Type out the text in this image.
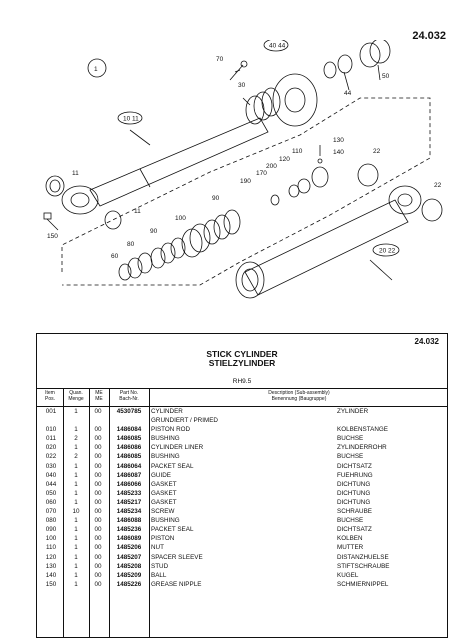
24.032
1
40 44
10 11
20 22
70
30
44
50
11
11
150
130
140
110
120
200
170
190
22
22
90
90
100
80
60
24.032
STICK CYLINDER
STIELZYLINDER
RH9.5
Item
Pos.
Quan.
Menge
ME
ME
Part No.
Bach-Nr.
Description (Sub-assembly)
Benennung (Baugruppe)
001	1	00	4530785	CYLINDER	ZYLINDER
GRUNDIERT / PRIMED
010	1	00	1486084	PISTON ROD	KOLBENSTANGE
011	2	00	1486085	BUSHING	BUCHSE
020	1	00	1486086	CYLINDER LINER	ZYLINDERROHR
022	2	00	1486085	BUSHING	BUCHSE
030	1	00	1486064	PACKET SEAL	DICHTSATZ
040	1	00	1486087	GUIDE	FUEHRUNG
044	1	00	1486066	GASKET	DICHTUNG
050	1	00	1485233	GASKET	DICHTUNG
060	1	00	1485217	GASKET	DICHTUNG
070	10	00	1485234	SCREW	SCHRAUBE
080	1	00	1486088	BUSHING	BUCHSE
090	1	00	1485236	PACKET SEAL	DICHTSATZ
100	1	00	1486089	PISTON	KOLBEN
110	1	00	1485206	NUT	MUTTER
120	1	00	1485207	SPACER SLEEVE	DISTANZHUELSE
130	1	00	1485208	STUD	STIFTSCHRAUBE
140	1	00	1485209	BALL	KUGEL
150	1	00	1485226	GREASE NIPPLE	SCHMIERNIPPEL
